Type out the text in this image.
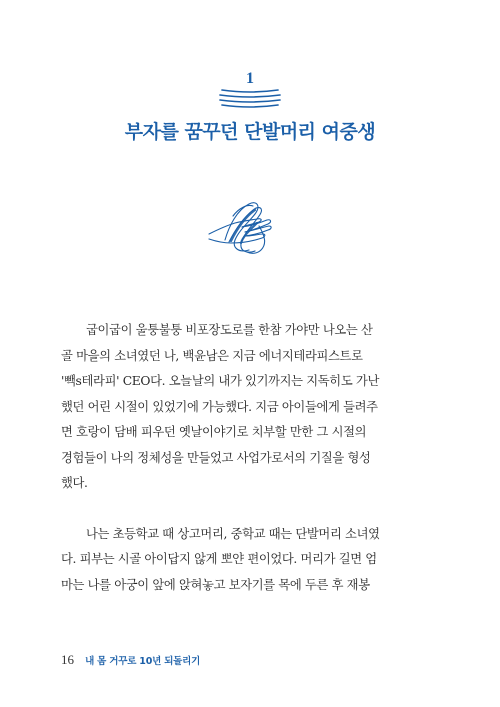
1
부자를 꿈꾸던 단발머리 여중생
굽이굽이 울퉁불퉁 비포장도로를 한참 가야만 나오는 산
골 마을의 소녀였던 나, 백윤남은 지금 에너지테라피스트로
'빽s테라피' CEO다. 오늘날의 내가 있기까지는 지독히도 가난
했던 어린 시절이 있었기에 가능했다. 지금 아이들에게 들려주
면 호랑이 담배 피우던 옛날이야기로 치부할 만한 그 시절의
경험들이 나의 정체성을 만들었고 사업가로서의 기질을 형성
했다.
나는 초등학교 때 상고머리, 중학교 때는 단발머리 소녀였
다. 피부는 시골 아이답지 않게 뽀얀 편이었다. 머리가 길면 엄
마는 나를 아궁이 앞에 앉혀놓고 보자기를 목에 두른 후 재봉
16 내 몸 거꾸로 10년 되돌리기
